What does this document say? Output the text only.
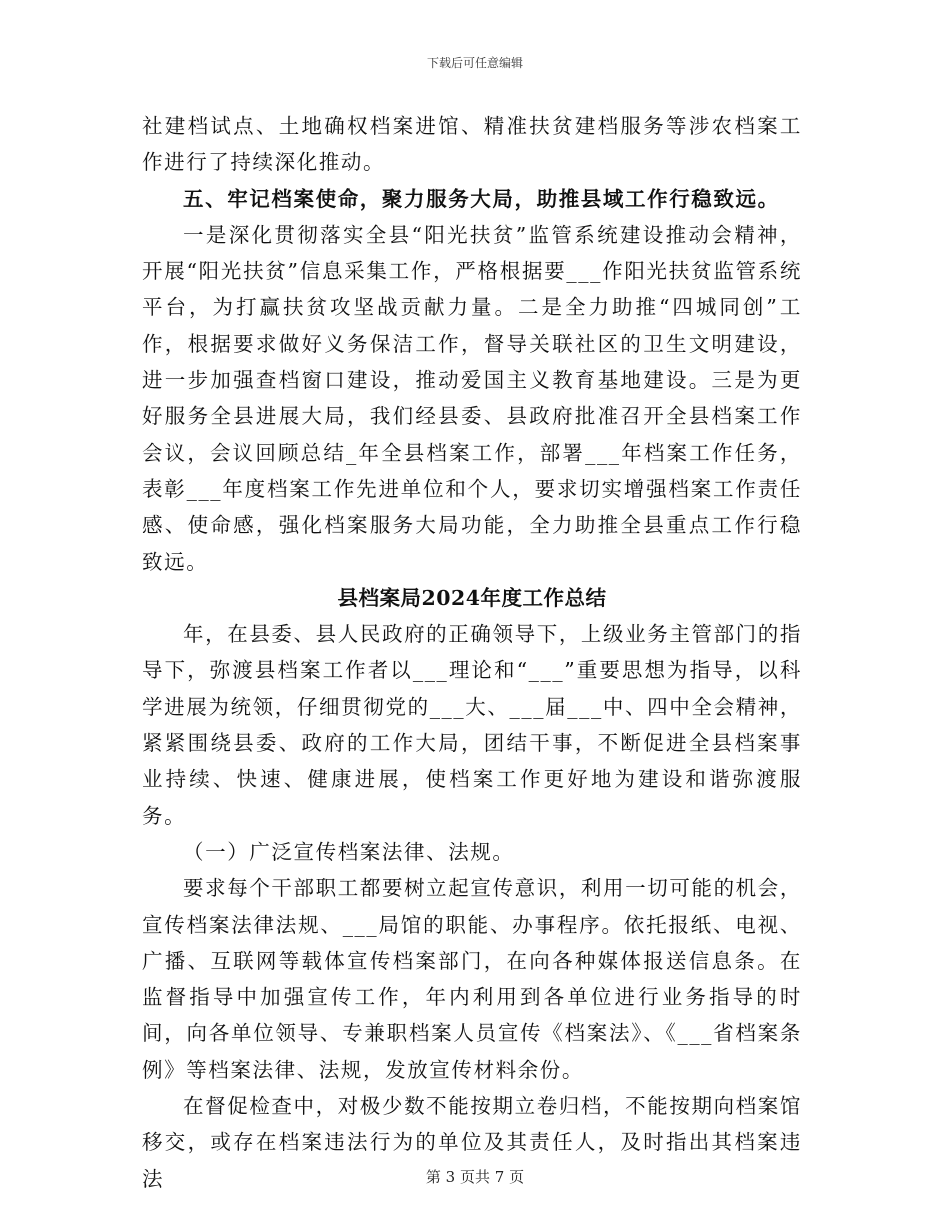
下载后可任意编辑

社建档试点、土地确权档案进馆、精准扶贫建档服务等涉农档案工作进行了持续深化推动。

五、牢记档案使命，聚力服务大局，助推县域工作行稳致远。

一是深化贯彻落实全县“阳光扶贫”监管系统建设推动会精神，开展“阳光扶贫”信息采集工作，严格根据要___作阳光扶贫监管系统平台，为打赢扶贫攻坚战贡献力量。二是全力助推“四城同创”工作，根据要求做好义务保洁工作，督导关联社区的卫生文明建设，进一步加强查档窗口建设，推动爱国主义教育基地建设。三是为更好服务全县进展大局，我们经县委、县政府批准召开全县档案工作会议，会议回顾总结_年全县档案工作，部署___年档案工作任务，表彰___年度档案工作先进单位和个人，要求切实增强档案工作责任感、使命感，强化档案服务大局功能，全力助推全县重点工作行稳致远。

县档案局2024年度工作总结

年，在县委、县人民政府的正确领导下，上级业务主管部门的指导下，弥渡县档案工作者以___理论和“___”重要思想为指导，以科学进展为统领，仔细贯彻党的___大、___届___中、四中全会精神，紧紧围绕县委、政府的工作大局，团结干事，不断促进全县档案事业持续、快速、健康进展，使档案工作更好地为建设和谐弥渡服务。

（一）广泛宣传档案法律、法规。

要求每个干部职工都要树立起宣传意识，利用一切可能的机会，宣传档案法律法规、___局馆的职能、办事程序。依托报纸、电视、广播、互联网等载体宣传档案部门，在向各种媒体报送信息条。在监督指导中加强宣传工作，年内利用到各单位进行业务指导的时间，向各单位领导、专兼职档案人员宣传《档案法》、《___省档案条例》等档案法律、法规，发放宣传材料余份。

在督促检查中，对极少数不能按期立卷归档，不能按期向档案馆移交，或存在档案违法行为的单位及其责任人，及时指出其档案违法	第 3 页共 7 页
